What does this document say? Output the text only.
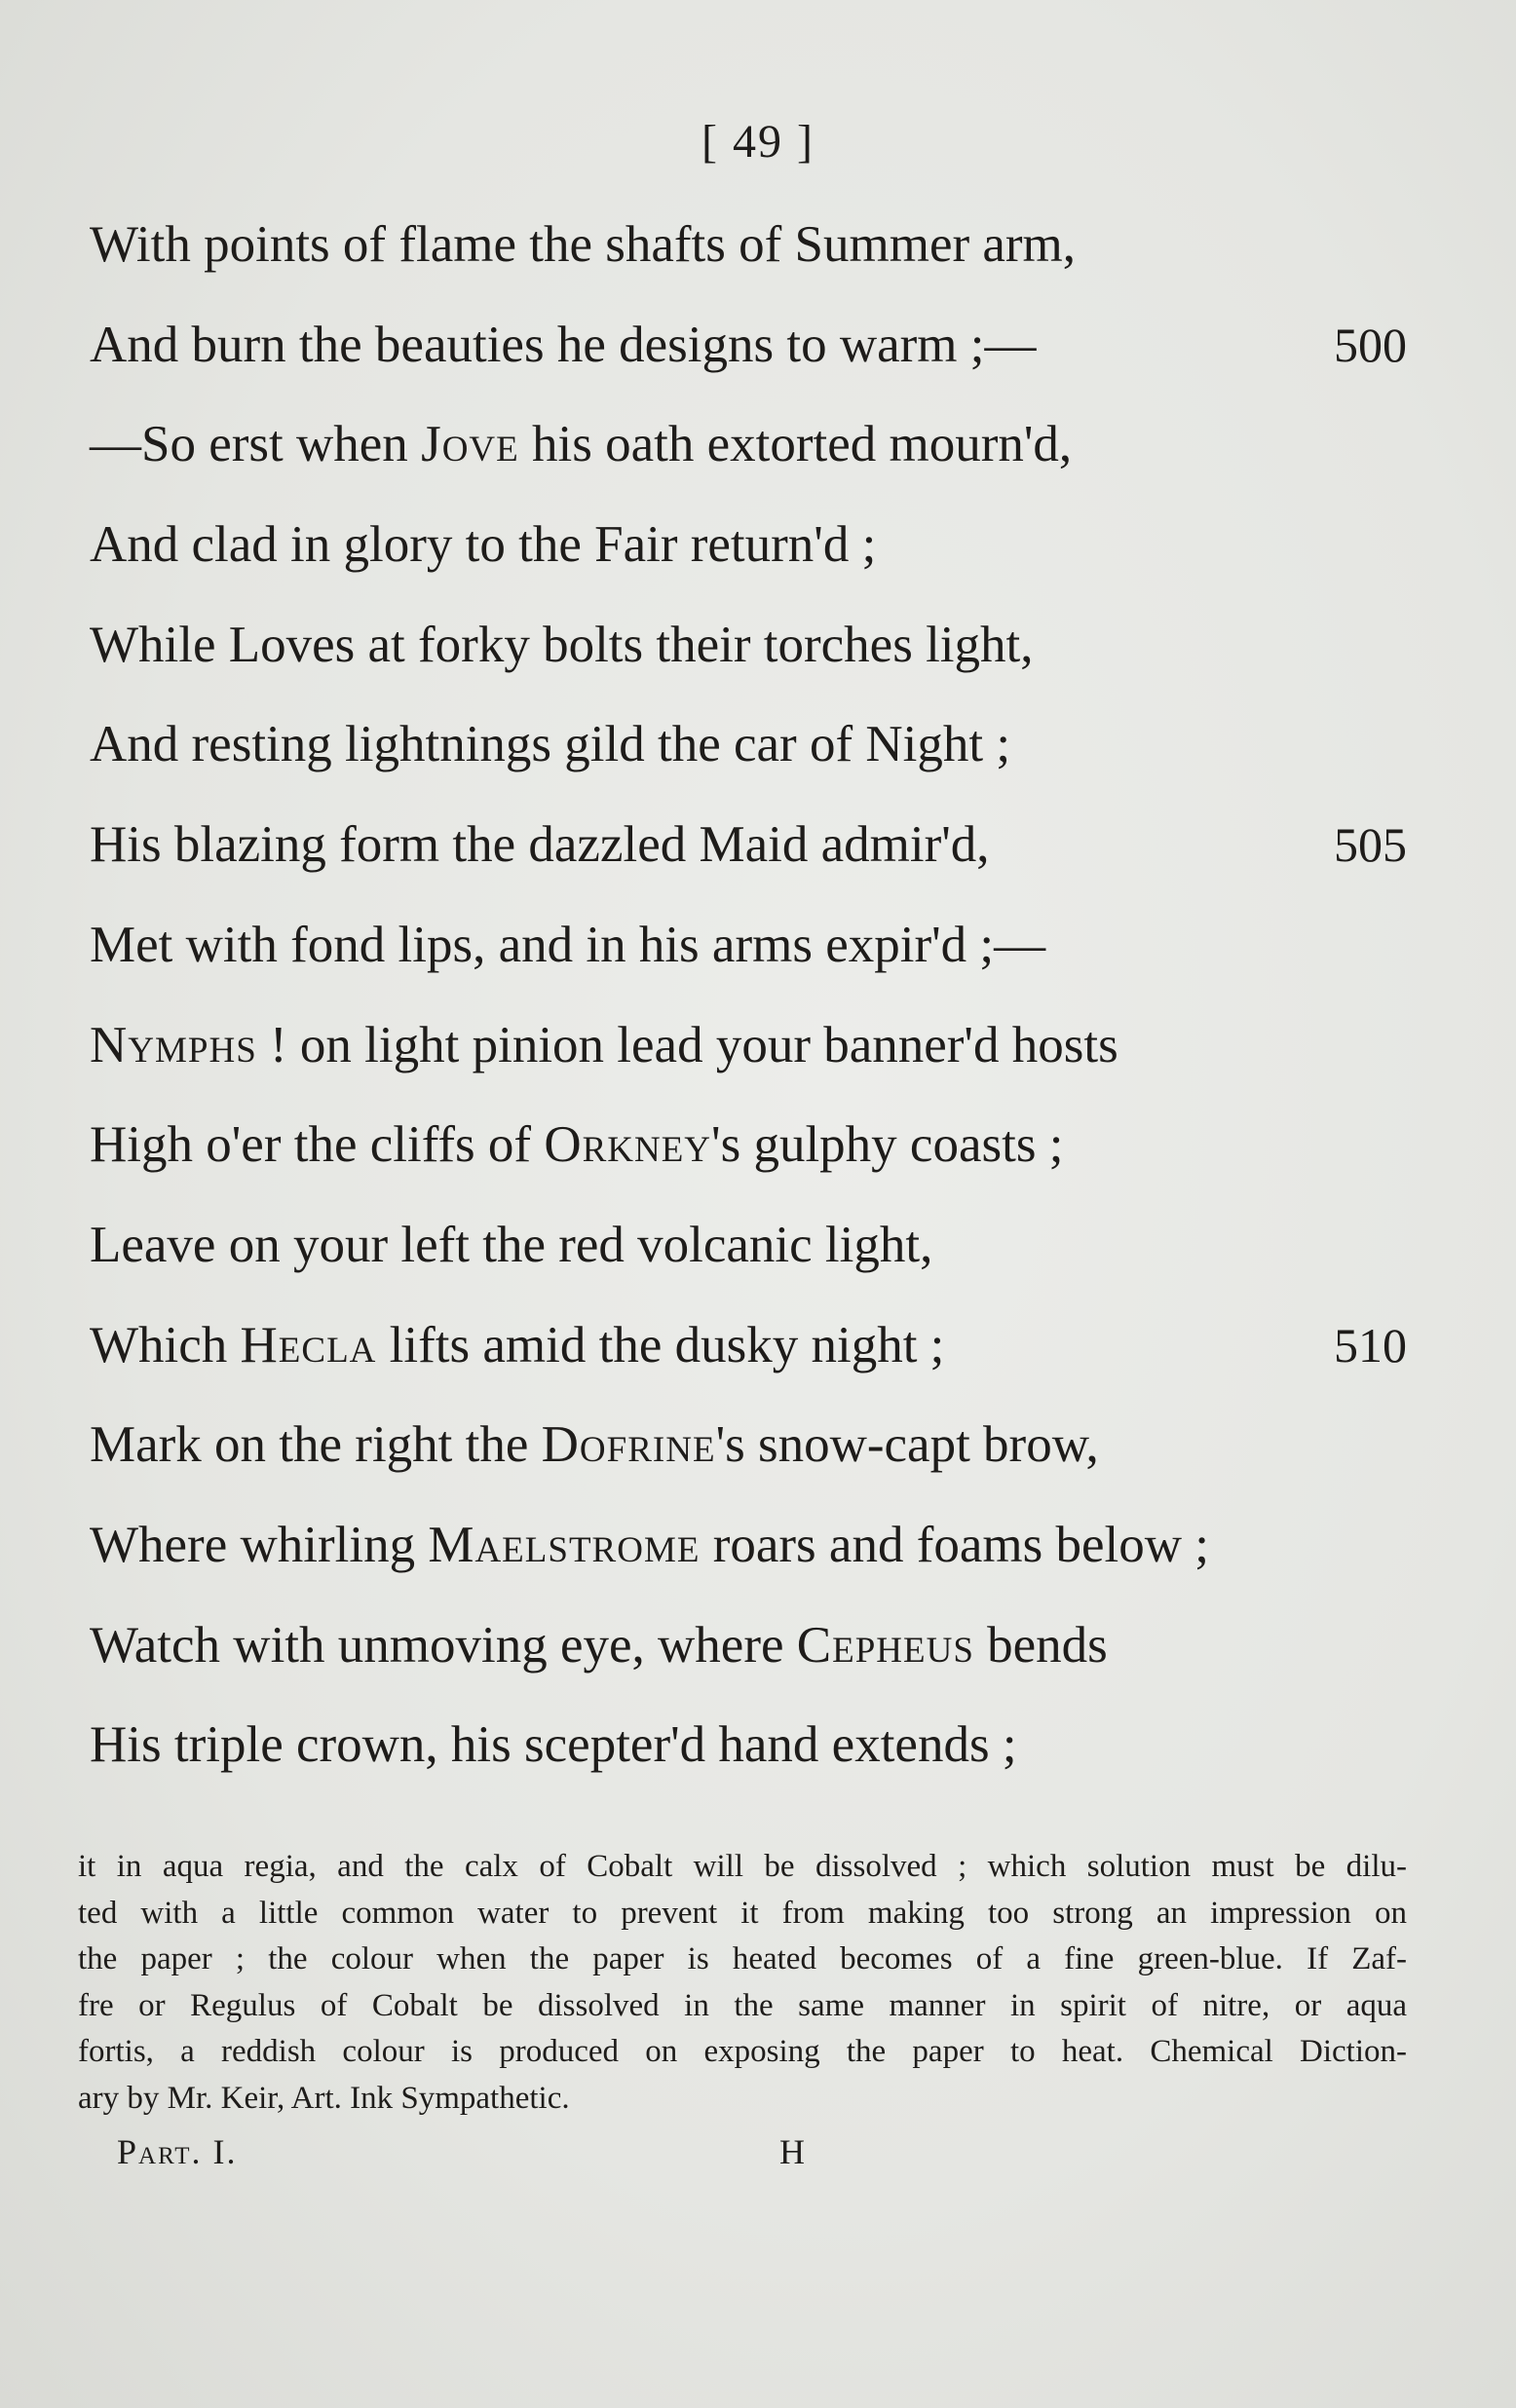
[ 49 ]
With points of flame the shafts of Summer arm,
And burn the beauties he designs to warm ;—	500
—So erst when Jove his oath extorted mourn'd,
And clad in glory to the Fair return'd ;
While Loves at forky bolts their torches light,
And resting lightnings gild the car of Night ;
His blazing form the dazzled Maid admir'd,	505
Met with fond lips, and in his arms expir'd ;—
Nymphs ! on light pinion lead your banner'd hosts
High o'er the cliffs of Orkney's gulphy coasts ;
Leave on your left the red volcanic light,
Which Hecla lifts amid the dusky night ;	510
Mark on the right the Dofrine's snow-capt brow,
Where whirling Maelstrome roars and foams below ;
Watch with unmoving eye, where Cepheus bends
His triple crown, his scepter'd hand extends ;
it in aqua regia, and the calx of Cobalt will be dissolved ; which solution must be dilu-
ted with a little common water to prevent it from making too strong an impression on
the paper ; the colour when the paper is heated becomes of a fine green-blue. If Zaf-
fre or Regulus of Cobalt be dissolved in the same manner in spirit of nitre, or aqua
fortis, a reddish colour is produced on exposing the paper to heat. Chemical Diction-
ary by Mr. Keir, Art. Ink Sympathetic.
Part. I.	H
